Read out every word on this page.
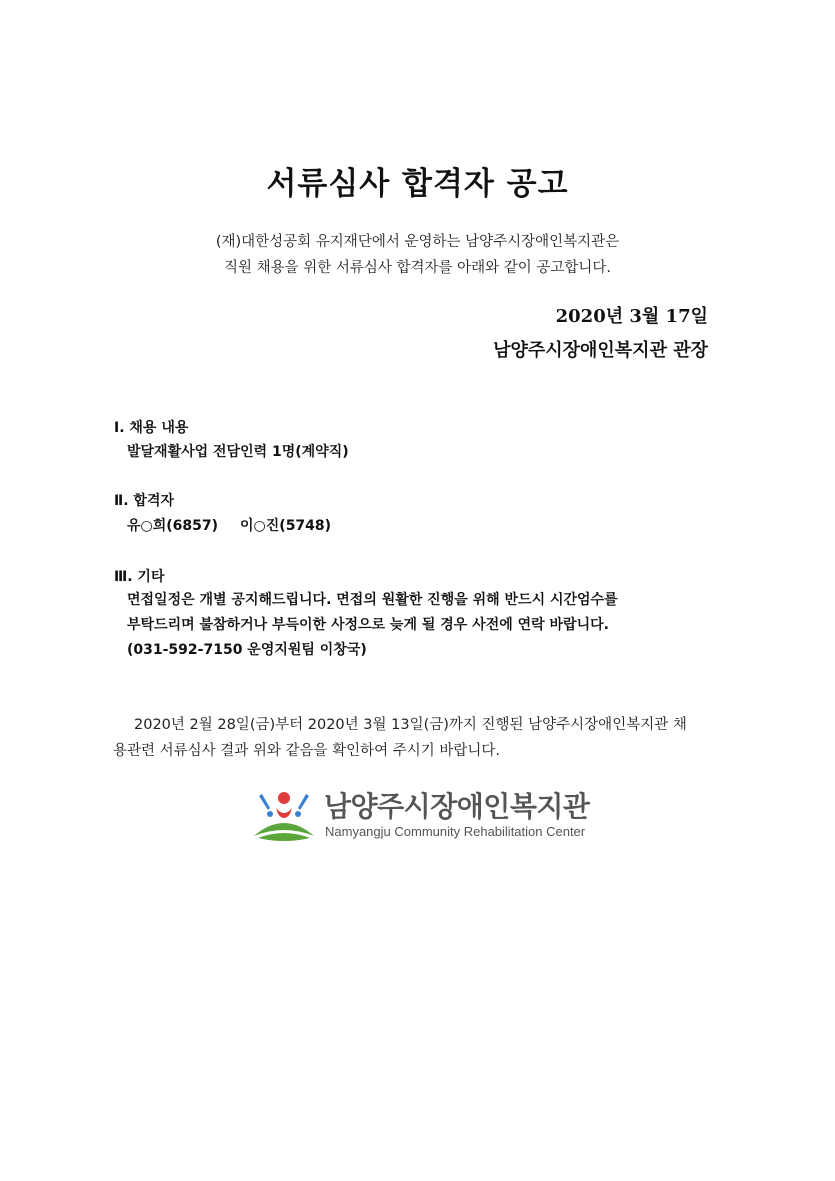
서류심사 합격자 공고
(재)대한성공회 유지재단에서 운영하는 남양주시장애인복지관은
직원 채용을 위한 서류심사 합격자를 아래와 같이 공고합니다.
2020년 3월 17일
남양주시장애인복지관 관장
Ⅰ. 채용 내용
발달재활사업 전담인력 1명(계약직)
Ⅱ. 합격자
유○희(6857) 이○진(5748)
Ⅲ. 기타
면접일정은 개별 공지해드립니다. 면접의 원활한 진행을 위해 반드시 시간엄수를
부탁드리며 불참하거나 부득이한 사정으로 늦게 될 경우 사전에 연락 바랍니다.
(031-592-7150 운영지원팀 이창국)
2020년 2월 28일(금)부터 2020년 3월 13일(금)까지 진행된 남양주시장애인복지관 채
용관련 서류심사 결과 위와 같음을 확인하여 주시기 바랍니다.
남양주시장애인복지관
Namyangju Community Rehabilitation Center
